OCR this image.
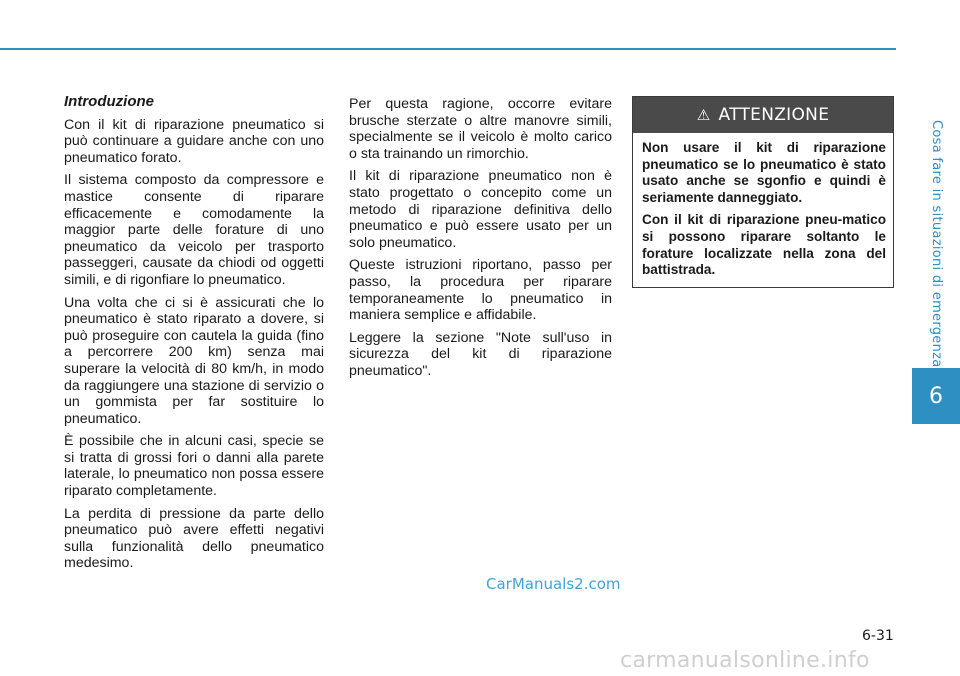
Cosa fare in situazioni di emergenza
6
Introduzione

Con il kit di riparazione pneumatico si può continuare a guidare anche con uno pneumatico forato.

Il sistema composto da compressore e mastice consente di riparare efficacemente e comodamente la maggior parte delle forature di uno pneumatico da veicolo per trasporto passeggeri, causate da chiodi od oggetti simili, e di rigonfiare lo pneumatico.

Una volta che ci si è assicurati che lo pneumatico è stato riparato a dovere, si può proseguire con cautela la guida (fino a percorrere 200 km) senza mai superare la velocità di 80 km/h, in modo da raggiungere una stazione di servizio o un gommista per far sostituire lo pneumatico.

È possibile che in alcuni casi, specie se si tratta di grossi fori o danni alla parete laterale, lo pneumatico non possa essere riparato completamente.

La perdita di pressione da parte dello pneumatico può avere effetti negativi sulla funzionalità dello pneumatico medesimo.

Per questa ragione, occorre evitare brusche sterzate o altre manovre simili, specialmente se il veicolo è molto carico o sta trainando un rimorchio.

Il kit di riparazione pneumatico non è stato progettato o concepito come un metodo di riparazione definitiva dello pneumatico e può essere usato per un solo pneumatico.

Queste istruzioni riportano, passo per passo, la procedura per riparare temporaneamente lo pneumatico in maniera semplice e affidabile.

Leggere la sezione "Note sull'uso in sicurezza del kit di riparazione pneumatico".

⚠ ATTENZIONE

Non usare il kit di riparazione pneumatico se lo pneumatico è stato usato anche se sgonfio e quindi è seriamente danneggiato.

Con il kit di riparazione pneu-matico si possono riparare soltanto le forature localizzate nella zona del battistrada.

CarManuals2.com
6-31
carmanualsonline.info
